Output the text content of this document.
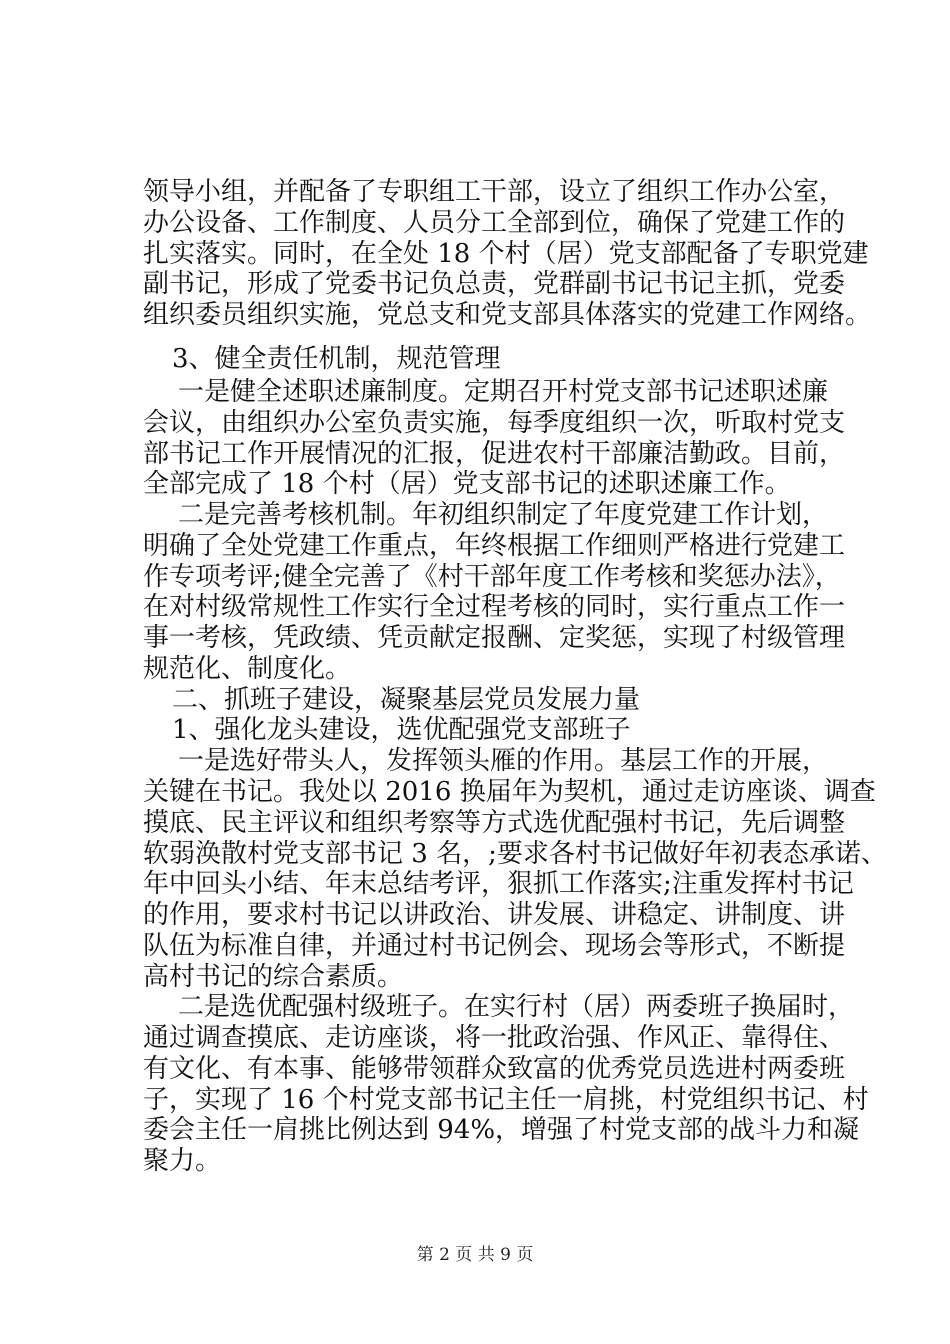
领导小组，并配备了专职组工干部，设立了组织工作办公室，
办公设备、工作制度、人员分工全部到位，确保了党建工作的
扎实落实。同时，在全处 18 个村（居）党支部配备了专职党建
副书记，形成了党委书记负总责，党群副书记书记主抓，党委
组织委员组织实施，党总支和党支部具体落实的党建工作网络。
3、健全责任机制，规范管理
一是健全述职述廉制度。定期召开村党支部书记述职述廉
会议，由组织办公室负责实施，每季度组织一次，听取村党支
部书记工作开展情况的汇报，促进农村干部廉洁勤政。目前，
全部完成了 18 个村（居）党支部书记的述职述廉工作。
二是完善考核机制。年初组织制定了年度党建工作计划，
明确了全处党建工作重点，年终根据工作细则严格进行党建工
作专项考评;健全完善了《村干部年度工作考核和奖惩办法》，
在对村级常规性工作实行全过程考核的同时，实行重点工作一
事一考核，凭政绩、凭贡献定报酬、定奖惩，实现了村级管理
规范化、制度化。
二、抓班子建设，凝聚基层党员发展力量
1、强化龙头建设，选优配强党支部班子
一是选好带头人，发挥领头雁的作用。基层工作的开展，
关键在书记。我处以 2016 换届年为契机，通过走访座谈、调查
摸底、民主评议和组织考察等方式选优配强村书记，先后调整
软弱涣散村党支部书记 3 名，;要求各村书记做好年初表态承诺、
年中回头小结、年末总结考评，狠抓工作落实;注重发挥村书记
的作用，要求村书记以讲政治、讲发展、讲稳定、讲制度、讲
队伍为标准自律，并通过村书记例会、现场会等形式，不断提
高村书记的综合素质。
二是选优配强村级班子。在实行村（居）两委班子换届时，
通过调查摸底、走访座谈，将一批政治强、作风正、靠得住、
有文化、有本事、能够带领群众致富的优秀党员选进村两委班
子，实现了 16 个村党支部书记主任一肩挑，村党组织书记、村
委会主任一肩挑比例达到 94%，增强了村党支部的战斗力和凝
聚力。
第 2 页 共 9 页
